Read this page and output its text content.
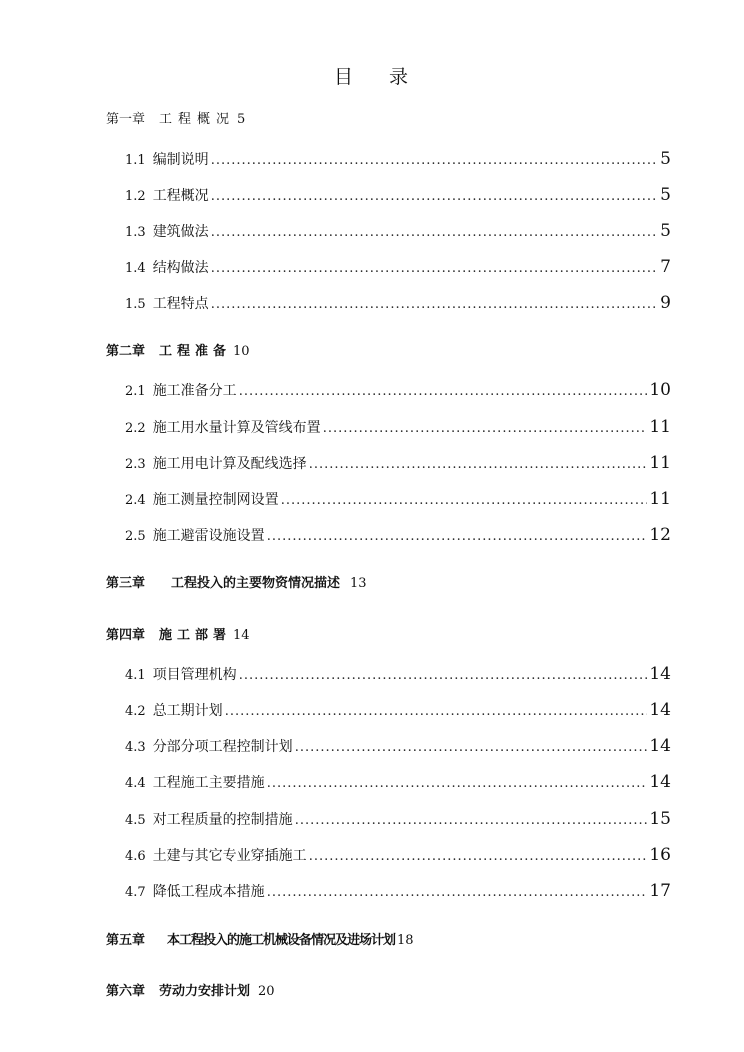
目 录
第一章 工程概况 5
1.1 编制说明 .....	5
1.2 工程概况 .....	5
1.3 建筑做法 .....	5
1.4 结构做法 .....	7
1.5 工程特点 .....	9
第二章 工程准备 10
2.1 施工准备分工 .....	10
2.2 施工用水量计算及管线布置 .....	11
2.3 施工用电计算及配线选择 .....	11
2.4 施工测量控制网设置 .....	11
2.5 施工避雷设施设置 .....	12
第三章 工程投入的主要物资情况描述 13
第四章 施工部署 14
4.1 项目管理机构 .....	14
4.2 总工期计划 .....	14
4.3 分部分项工程控制计划 .....	14
4.4 工程施工主要措施 .....	14
4.5 对工程质量的控制措施 .....	15
4.6 土建与其它专业穿插施工 .....	16
4.7 降低工程成本措施 .....	17
第五章 本工程投入的施工机械设备情况及进场计划 18
第六章 劳动力安排计划 20
